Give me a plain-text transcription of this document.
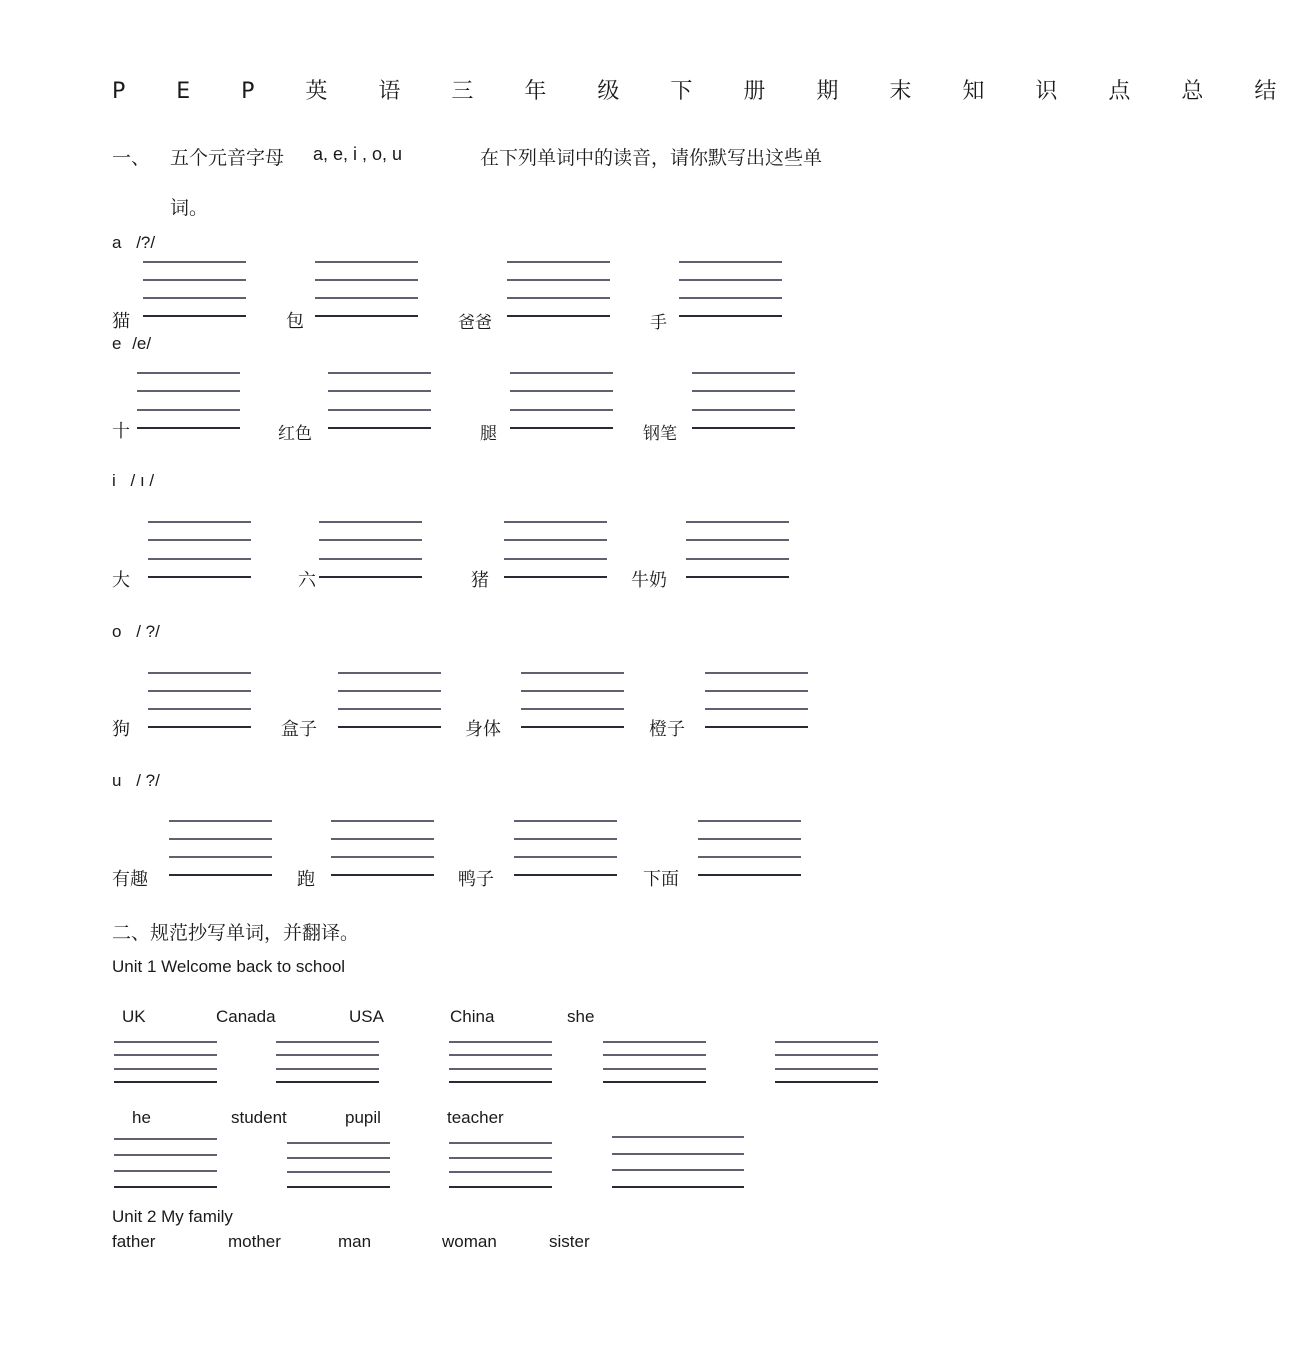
P E P 英 语 三 年 级 下 册 期 末 知 识 点 总 结
一、 五个元音字母 a, e, i , o, u	在下列单词中的读音，请你默写出这些单
词。
a /?/
猫	包	爸爸	手
e /e/
十	红色	腿	钢笔
i / ı /
大	六	猪	牛奶
o / ?/
狗	盒子	身体	橙子
u / ?/
有趣	跑	鸭子	下面
二、规范抄写单词，并翻译。
Unit 1 Welcome back to school
UK	Canada	USA	China	she
he	student	pupil	teacher
Unit 2 My family
father	mother	man	woman	sister
